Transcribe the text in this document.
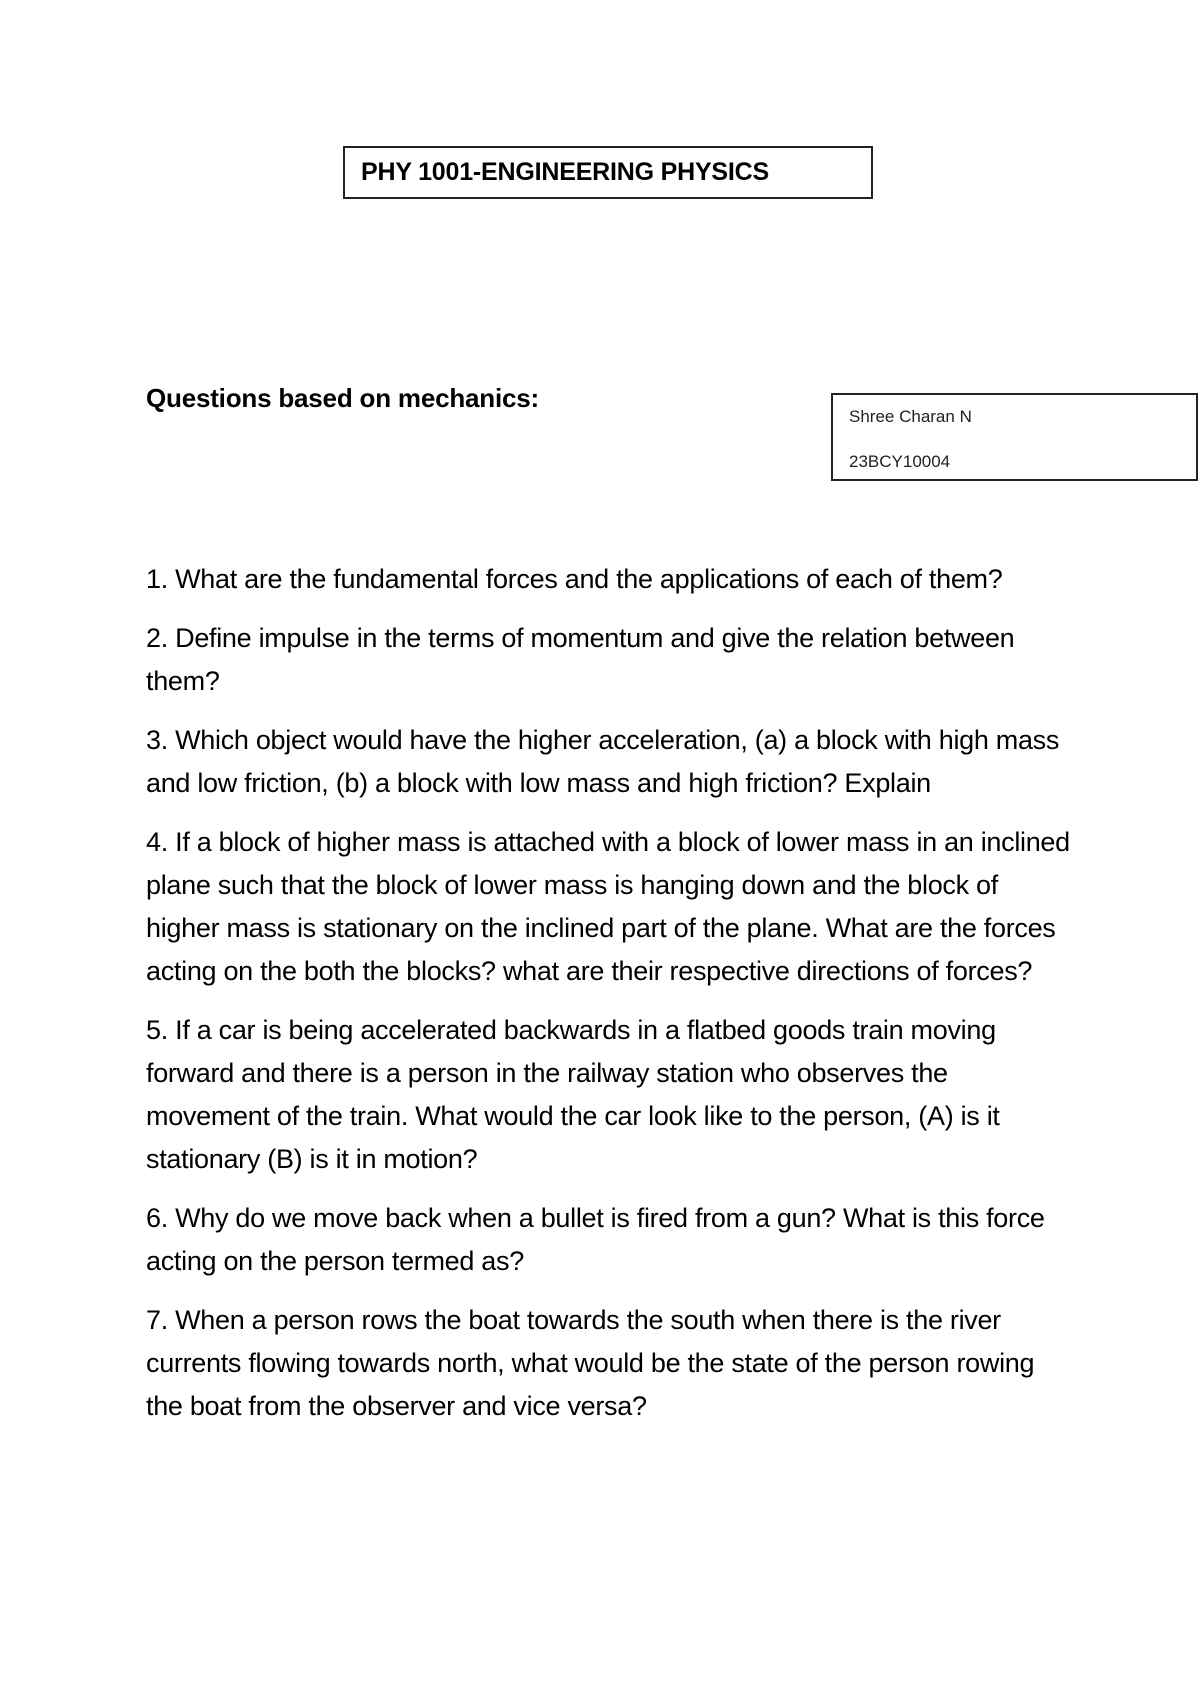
PHY 1001-ENGINEERING PHYSICS
Questions based on mechanics:
Shree Charan N
23BCY10004

1. What are the fundamental forces and the applications of each of them?

2. Define impulse in the terms of momentum and give the relation between them?

3. Which object would have the higher acceleration, (a) a block with high mass and low friction, (b) a block with low mass and high friction? Explain

4. If a block of higher mass is attached with a block of lower mass in an inclined plane such that the block of lower mass is hanging down and the block of higher mass is stationary on the inclined part of the plane. What are the forces acting on the both the blocks? what are their respective directions of forces?

5. If a car is being accelerated backwards in a flatbed goods train moving forward and there is a person in the railway station who observes the movement of the train. What would the car look like to the person, (A) is it stationary (B) is it in motion?

6. Why do we move back when a bullet is fired from a gun? What is this force acting on the person termed as?

7. When a person rows the boat towards the south when there is the river currents flowing towards north, what would be the state of the person rowing the boat from the observer and vice versa?
